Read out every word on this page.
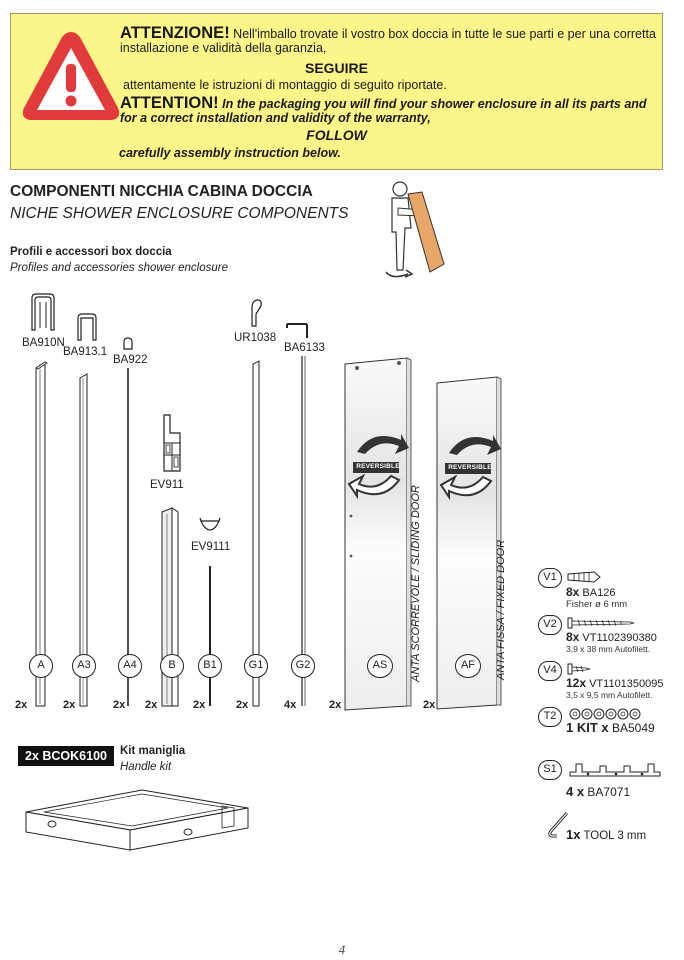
ATTENZIONE! Nell'imballo trovate il vostro box doccia in tutte le sue parti e per una corretta installazione e validità della garanzia,
SEGUIRE
attentamente le istruzioni di montaggio di seguito riportate.
ATTENTION! In the packaging you will find your shower enclosure in all its parts and for a correct installation and validity of the warranty,
FOLLOW
carefully assembly instruction below.
COMPONENTI NICCHIA CABINA DOCCIA
NICHE SHOWER ENCLOSURE COMPONENTS
Profili e accessori box doccia
Profiles and accessories shower enclosure
BA910N
BA913.1
BA922
EV911
EV9111
UR1038
BA6133
A	A3	A4	B	B1	G1	G2
2x	2x	2x 2x	2x	2x	4x
REVERSIBLE	REVERSIBLE
ANTA SCORREVOLE / SLIDING DOOR	ANTA FISSA / FIXED DOOR
AS	AF
2x	2x
V1
8x BA126
Fisher ø 6 mm
V2
8x VT1102390380
3,9 x 38 mm Autofilett.
V4
12x VT1101350095
3,5 x 9,5 mm Autofilett.
T2
1 KIT x BA5049
S1
4 x BA7071
1x TOOL 3 mm
2x BCOK6100	Kit maniglia
Handle kit
4
